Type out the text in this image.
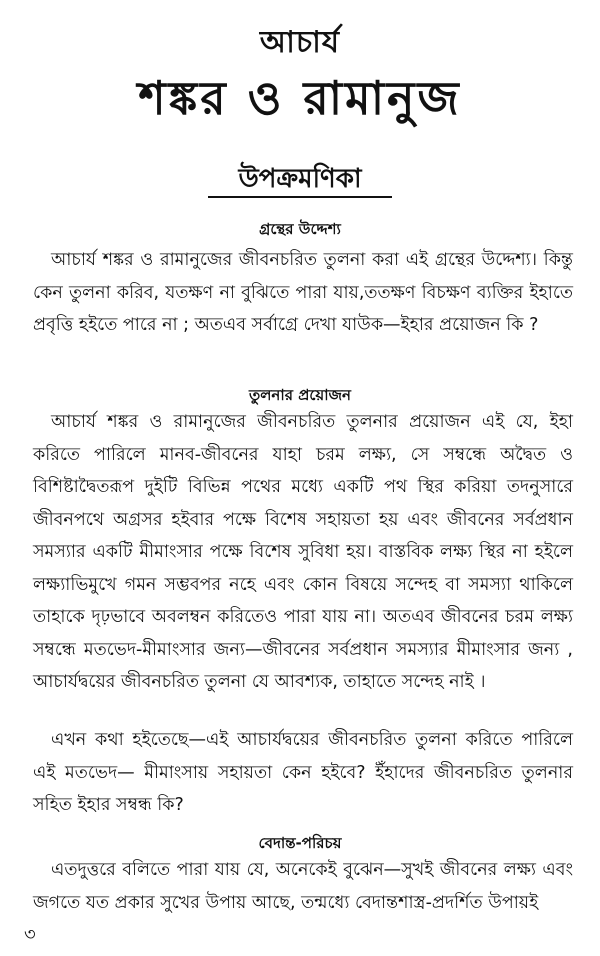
আচার্য
শঙ্কর ও রামানুজ
উপক্রমণিকা
গ্রন্থের উদ্দেশ্য

আচার্য শঙ্কর ও রামানুজের জীবনচরিত তুলনা করা এই গ্রন্থের উদ্দেশ্য। কিন্তু কেন তুলনা করিব, যতক্ষণ না বুঝিতে পারা যায়,ততক্ষণ বিচক্ষণ ব্যক্তির ইহাতে প্রবৃত্তি হইতে পারে না ; অতএব সর্বাগ্রে দেখা যাউক—ইহার প্রয়োজন কি ?

তুলনার প্রয়োজন

আচার্য শঙ্কর ও রামানুজের জীবনচরিত তুলনার প্রয়োজন এই যে, ইহা করিতে পারিলে মানব-জীবনের যাহা চরম লক্ষ্য, সে সম্বন্ধে অদ্বৈত ও বিশিষ্টাদ্বৈতরূপ দুইটি বিভিন্ন পথের মধ্যে একটি পথ স্থির করিয়া তদনুসারে জীবনপথে অগ্রসর হইবার পক্ষে বিশেষ সহায়তা হয় এবং জীবনের সর্বপ্রধান সমস্যার একটি মীমাংসার পক্ষে বিশেষ সুবিধা হয়। বাস্তবিক লক্ষ্য স্থির না হইলে লক্ষ্যাভিমুখে গমন সম্ভবপর নহে এবং কোন বিষয়ে সন্দেহ বা সমস্যা থাকিলে তাহাকে দৃঢ়ভাবে অবলম্বন করিতেও পারা যায় না। অতএব জীবনের চরম লক্ষ্য সম্বন্ধে মতভেদ-মীমাংসার জন্য—জীবনের সর্বপ্রধান সমস্যার মীমাংসার জন্য , আচার্যদ্বয়ের জীবনচরিত তুলনা যে আবশ্যক, তাহাতে সন্দেহ নাই ।

এখন কথা হইতেছে—এই আচার্যদ্বয়ের জীবনচরিত তুলনা করিতে পারিলে এই মতভেদ— মীমাংসায় সহায়তা কেন হইবে? ইঁহাদের জীবনচরিত তুলনার সহিত ইহার সম্বন্ধ কি?

বেদান্ত-পরিচয়

এতদুত্তরে বলিতে পারা যায় যে, অনেকেই বুঝেন—সুখই জীবনের লক্ষ্য এবং জগতে যত প্রকার সুখের উপায় আছে, তন্মধ্যে বেদান্তশাস্ত্র-প্রদর্শিত উপায়ই

৩
